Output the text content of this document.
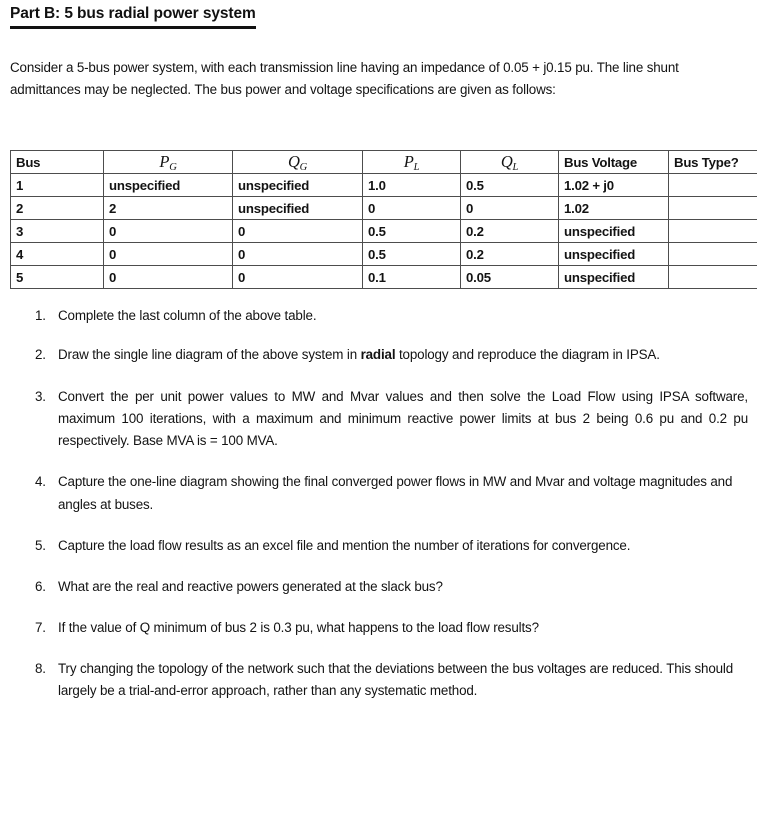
Part B: 5 bus radial power system
Consider a 5-bus power system, with each transmission line having an impedance of 0.05 + j0.15 pu. The line shunt admittances may be neglected. The bus power and voltage specifications are given as follows:
Bus	$P_G$	$Q_G$	$P_L$	$Q_L$	Bus Voltage	Bus Type?
1	unspecified	unspecified	1.0	0.5	1.02 + j0	
2	2	unspecified	0	0	1.02	
3	0	0	0.5	0.2	unspecified	
4	0	0	0.5	0.2	unspecified	
5	0	0	0.1	0.05	unspecified	
1. Complete the last column of the above table.
2. Draw the single line diagram of the above system in radial topology and reproduce the diagram in IPSA.
3. Convert the per unit power values to MW and Mvar values and then solve the Load Flow using IPSA software, maximum 100 iterations, with a maximum and minimum reactive power limits at bus 2 being 0.6 pu and 0.2 pu respectively. Base MVA is = 100 MVA.
4. Capture the one-line diagram showing the final converged power flows in MW and Mvar and voltage magnitudes and angles at buses.
5. Capture the load flow results as an excel file and mention the number of iterations for convergence.
6. What are the real and reactive powers generated at the slack bus?
7. If the value of Q minimum of bus 2 is 0.3 pu, what happens to the load flow results?
8. Try changing the topology of the network such that the deviations between the bus voltages are reduced. This should largely be a trial-and-error approach, rather than any systematic method.
